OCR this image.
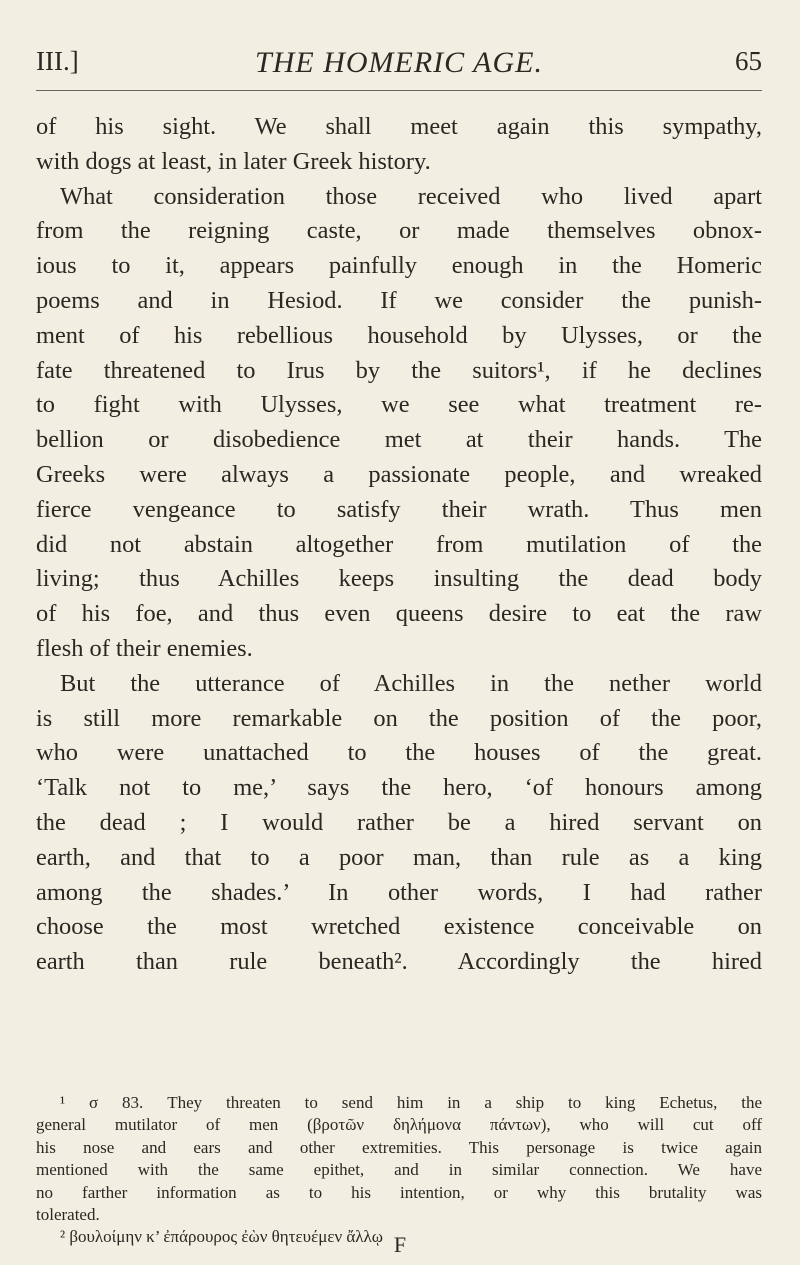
III.]	THE HOMERIC AGE.	65
of his sight. We shall meet again this sympathy,
with dogs at least, in later Greek history.
What consideration those received who lived apart
from the reigning caste, or made themselves obnox-
ious to it, appears painfully enough in the Homeric
poems and in Hesiod. If we consider the punish-
ment of his rebellious household by Ulysses, or the
fate threatened to Irus by the suitors¹, if he declines
to fight with Ulysses, we see what treatment re-
bellion or disobedience met at their hands. The
Greeks were always a passionate people, and wreaked
fierce vengeance to satisfy their wrath. Thus men
did not abstain altogether from mutilation of the
living; thus Achilles keeps insulting the dead body
of his foe, and thus even queens desire to eat the raw
flesh of their enemies.
But the utterance of Achilles in the nether world
is still more remarkable on the position of the poor,
who were unattached to the houses of the great.
‘Talk not to me,’ says the hero, ‘of honours among
the dead ; I would rather be a hired servant on
earth, and that to a poor man, than rule as a king
among the shades.’ In other words, I had rather
choose the most wretched existence conceivable on
earth than rule beneath². Accordingly the hired
¹ σ 83. They threaten to send him in a ship to king Echetus, the
general mutilator of men (βροτῶν δηλήμονα πάντων), who will cut off
his nose and ears and other extremities. This personage is twice again
mentioned with the same epithet, and in similar connection. We have
no farther information as to his intention, or why this brutality was
tolerated.
² βουλοίμην κ’ ἐπάρουρος ἐὼν θητευέμεν ἄλλῳ F
